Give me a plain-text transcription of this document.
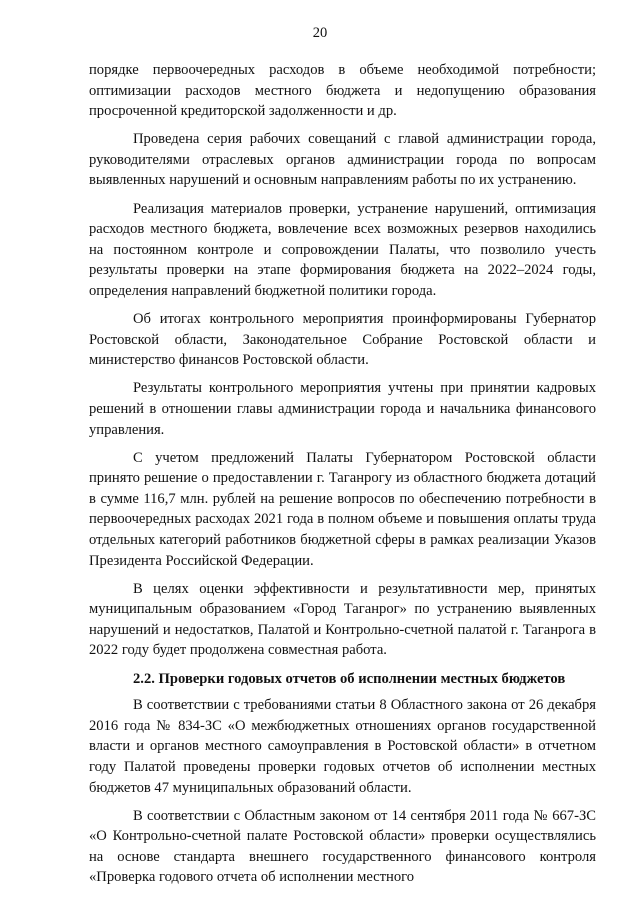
20

порядке первоочередных расходов в объеме необходимой потребности; оптимизации расходов местного бюджета и недопущению образования просроченной кредиторской задолженности и др.

Проведена серия рабочих совещаний с главой администрации города, руководителями отраслевых органов администрации города по вопросам выявленных нарушений и основным направлениям работы по их устранению.

Реализация материалов проверки, устранение нарушений, оптимизация расходов местного бюджета, вовлечение всех возможных резервов находились на постоянном контроле и сопровождении Палаты, что позволило учесть результаты проверки на этапе формирования бюджета на 2022–2024 годы, определения направлений бюджетной политики города.

Об итогах контрольного мероприятия проинформированы Губернатор Ростовской области, Законодательное Собрание Ростовской области и министерство финансов Ростовской области.

Результаты контрольного мероприятия учтены при принятии кадровых решений в отношении главы администрации города и начальника финансового управления.

С учетом предложений Палаты Губернатором Ростовской области принято решение о предоставлении г. Таганрогу из областного бюджета дотаций в сумме 116,7 млн. рублей на решение вопросов по обеспечению потребности в первоочередных расходах 2021 года в полном объеме и повышения оплаты труда отдельных категорий работников бюджетной сферы в рамках реализации Указов Президента Российской Федерации.

В целях оценки эффективности и результативности мер, принятых муниципальным образованием «Город Таганрог» по устранению выявленных нарушений и недостатков, Палатой и Контрольно-счетной палатой г. Таганрога в 2022 году будет продолжена совместная работа.

2.2. Проверки годовых отчетов об исполнении местных бюджетов

В соответствии с требованиями статьи 8 Областного закона от 26 декабря 2016 года № 834-ЗС «О межбюджетных отношениях органов государственной власти и органов местного самоуправления в Ростовской области» в отчетном году Палатой проведены проверки годовых отчетов об исполнении местных бюджетов 47 муниципальных образований области.

В соответствии с Областным законом от 14 сентября 2011 года № 667-ЗС «О Контрольно-счетной палате Ростовской области» проверки осуществлялись на основе стандарта внешнего государственного финансового контроля «Проверка годового отчета об исполнении местного
